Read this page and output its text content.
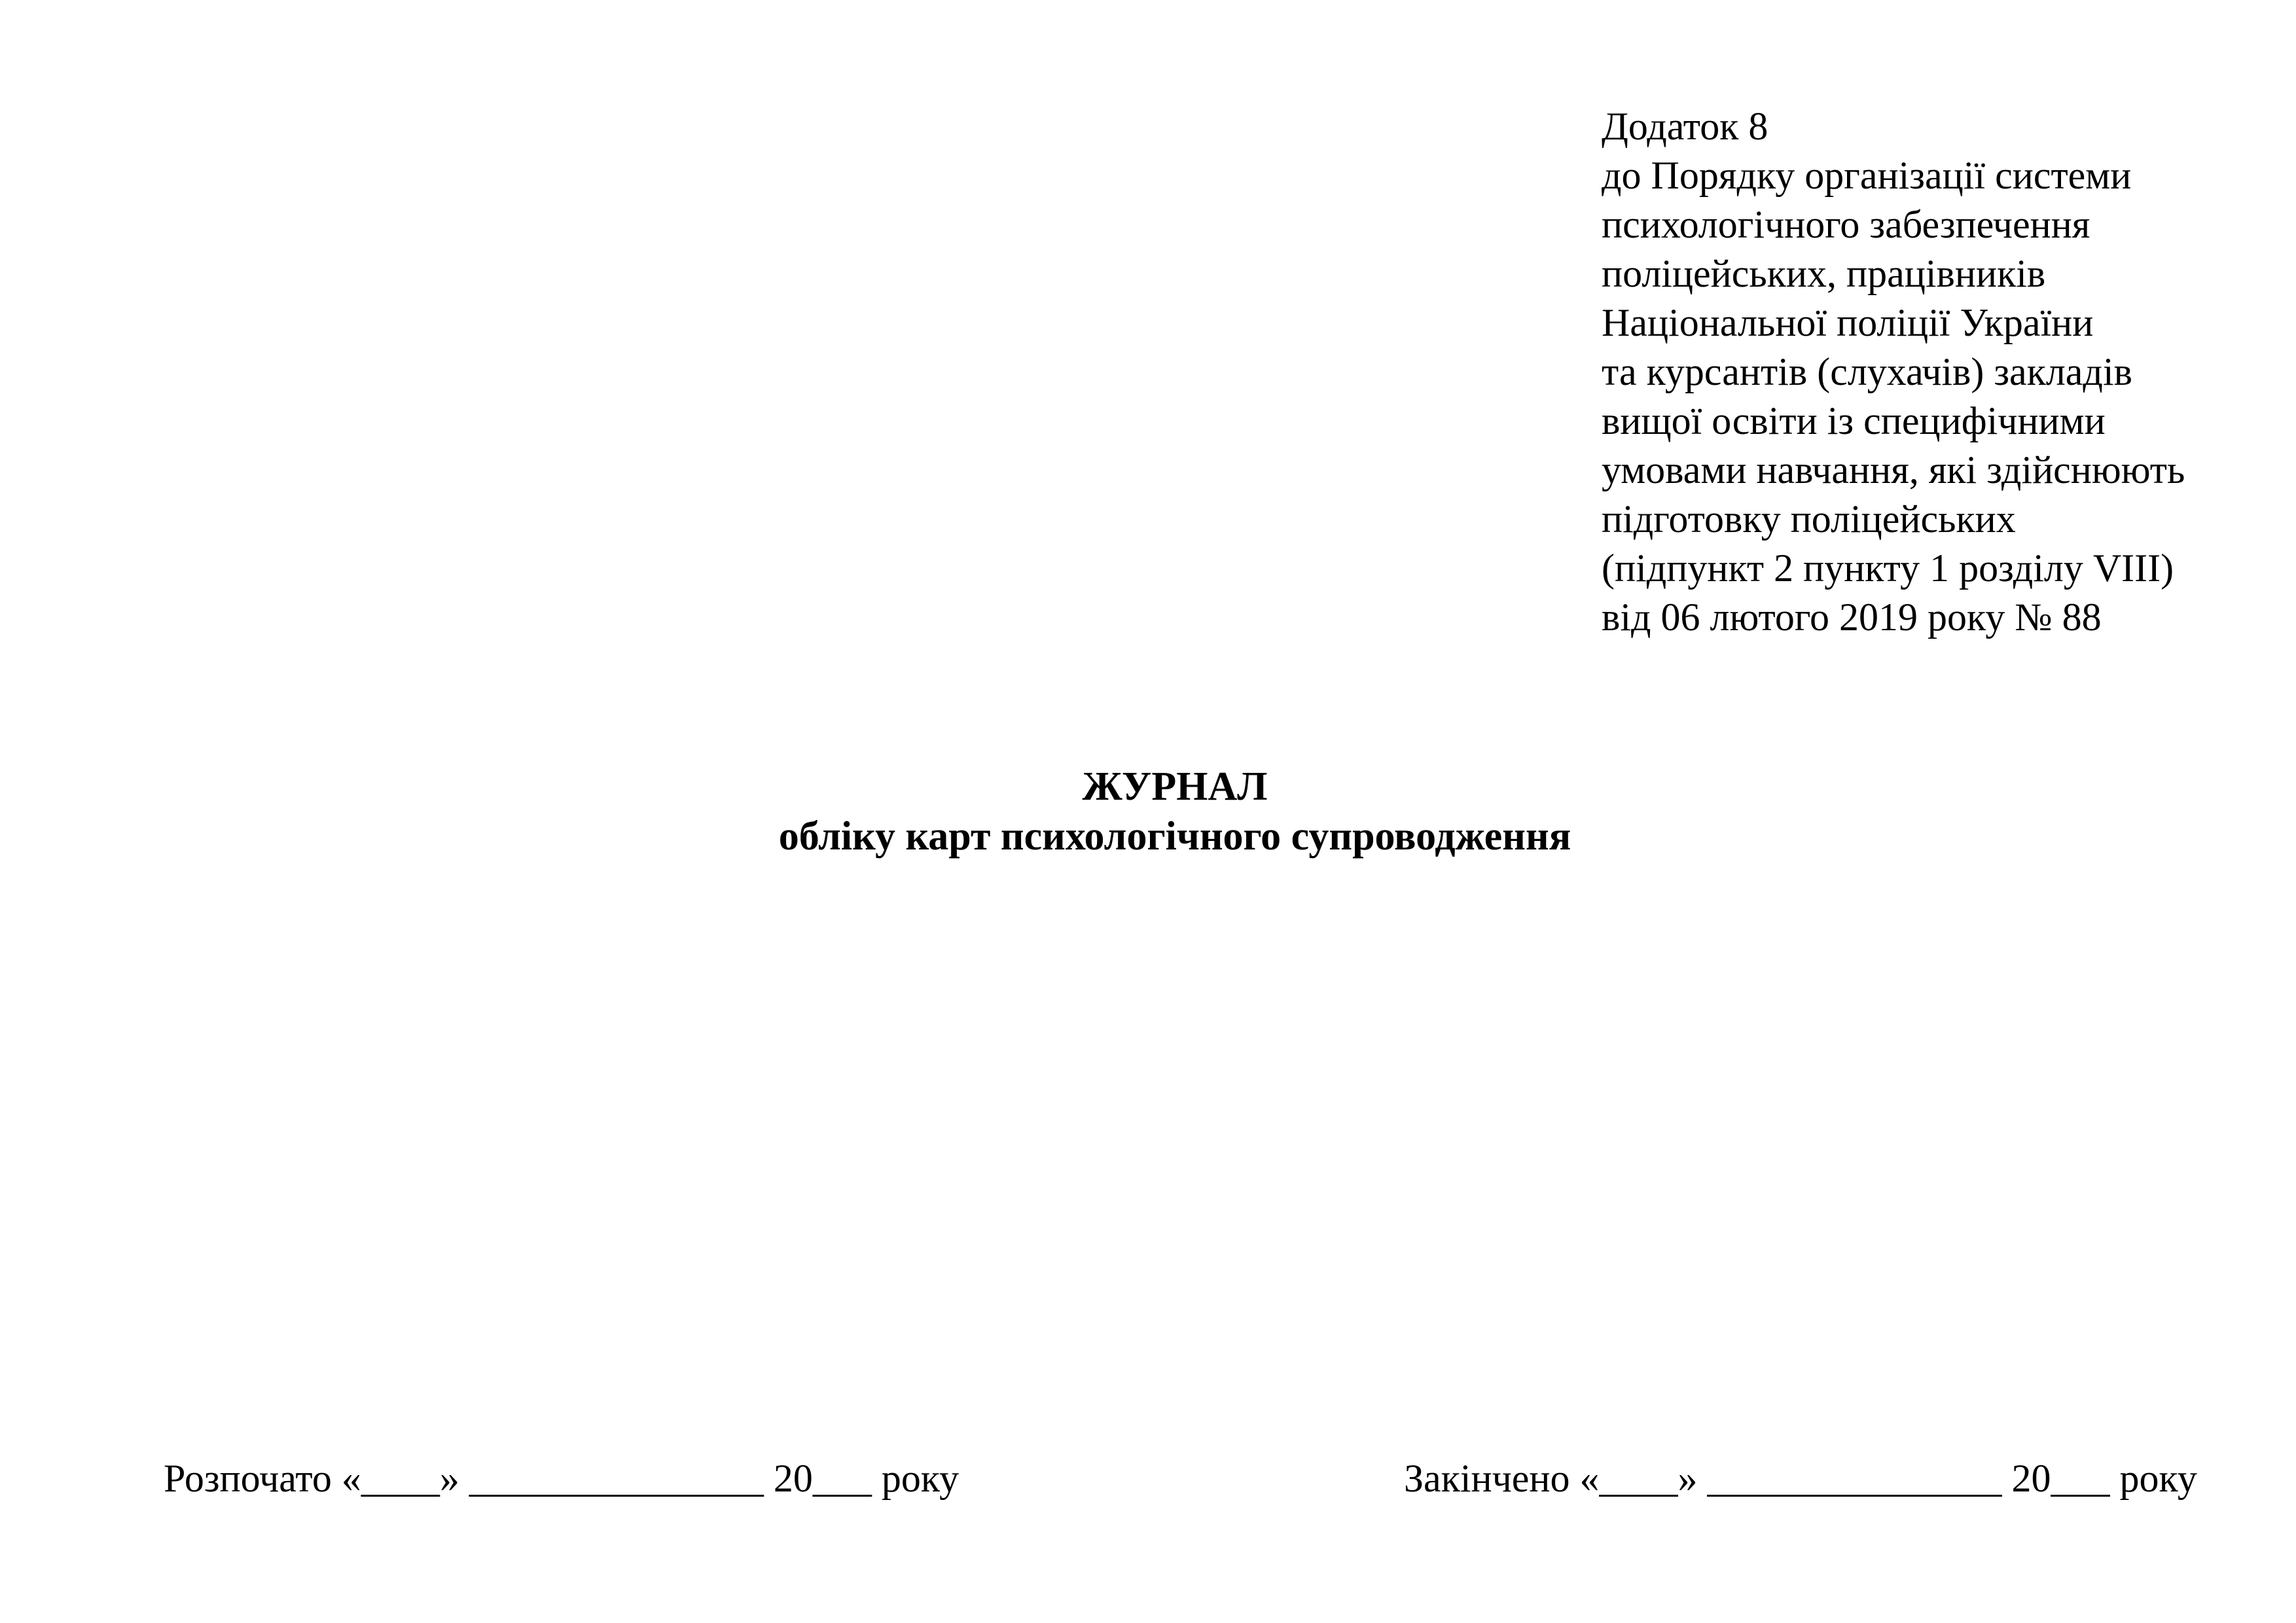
Додаток 8
до Порядку організації системи
психологічного забезпечення
поліцейських, працівників
Національної поліції України
та курсантів (слухачів) закладів
вищої освіти із специфічними
умовами навчання, які здійснюють
підготовку поліцейських
(підпункт 2 пункту 1 розділу VIII)
від 06 лютого 2019 року № 88
ЖУРНАЛ
обліку карт психологічного супроводження
Розпочато «____» _______________ 20___ року	Закінчено «____» _______________ 20___ року
